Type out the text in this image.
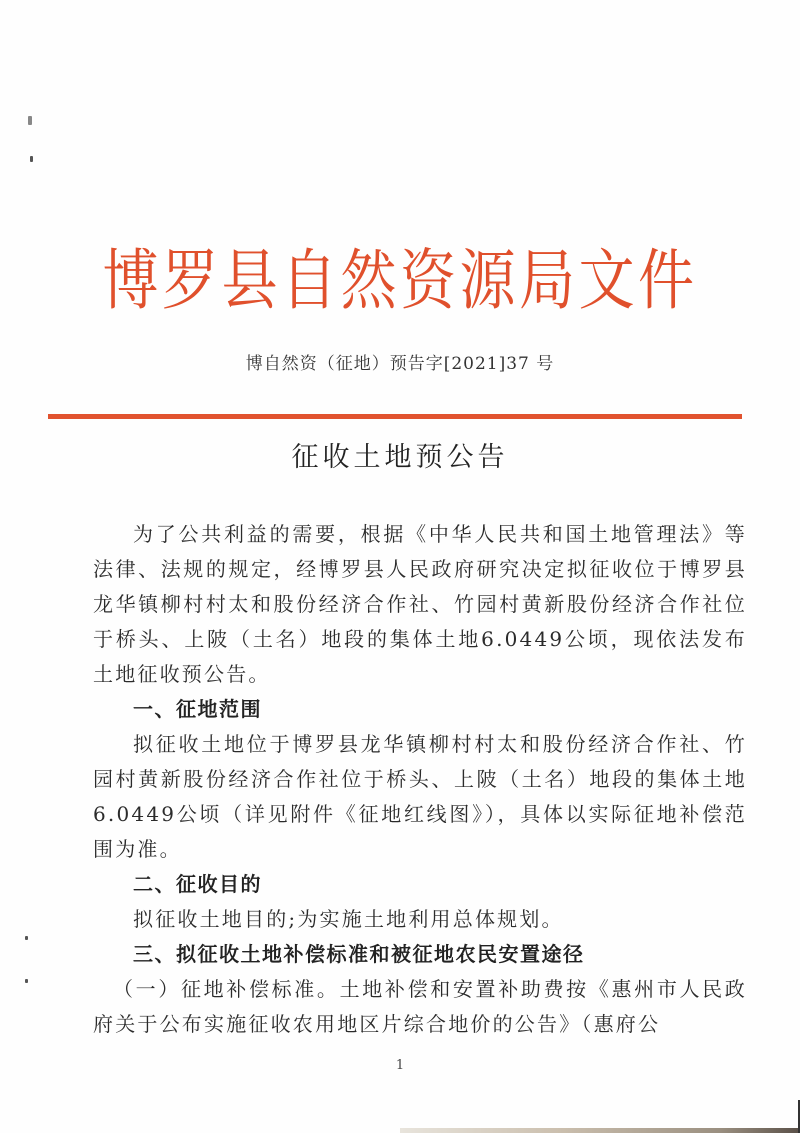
博罗县自然资源局文件
博自然资（征地）预告字[2021]37 号
征收土地预公告

为了公共利益的需要，根据《中华人民共和国土地管理法》等法律、法规的规定，经博罗县人民政府研究决定拟征收位于博罗县龙华镇柳村村太和股份经济合作社、竹园村黄新股份经济合作社位于桥头、上陂（土名）地段的集体土地6.0449公顷，现依法发布土地征收预公告。

一、征地范围

拟征收土地位于博罗县龙华镇柳村村太和股份经济合作社、竹园村黄新股份经济合作社位于桥头、上陂（土名）地段的集体土地6.0449公顷（详见附件《征地红线图》），具体以实际征地补偿范围为准。

二、征收目的

拟征收土地目的;为实施土地利用总体规划。

三、拟征收土地补偿标准和被征地农民安置途径

（一）征地补偿标准。土地补偿和安置补助费按《惠州市人民政府关于公布实施征收农用地区片综合地价的公告》（惠府公

1
